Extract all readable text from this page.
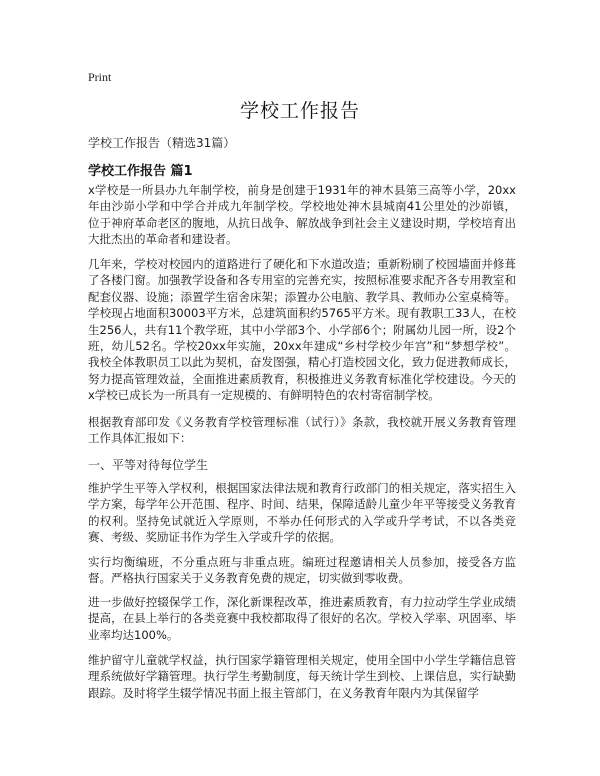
Print
学校工作报告

学校工作报告（精选31篇）

学校工作报告 篇1

x学校是一所县办九年制学校，前身是创建于1931年的神木县第三高等小学，20xx年由沙峁小学和中学合并成九年制学校。学校地处神木县城南41公里处的沙峁镇，位于神府革命老区的腹地，从抗日战争、解放战争到社会主义建设时期，学校培育出大批杰出的革命者和建设者。

几年来，学校对校园内的道路进行了硬化和下水道改造；重新粉刷了校园墙面并修葺了各楼门窗。加强教学设备和各专用室的完善充实，按照标准要求配齐各专用教室和配套仪器、设施；添置学生宿舍床架；添置办公电脑、教学具、教师办公室桌椅等。学校现占地面积30003平方米，总建筑面积约5765平方米。现有教职工33人，在校生256人，共有11个教学班，其中小学部3个、小学部6个；附属幼儿园一所，设2个班，幼儿52名。学校20xx年实施，20xx年建成“乡村学校少年宫”和“梦想学校”。我校全体教职员工以此为契机，奋发图强，精心打造校园文化，致力促进教师成长，努力提高管理效益，全面推进素质教育，积极推进义务教育标准化学校建设。今天的x学校已成长为一所具有一定规模的、有鲜明特色的农村寄宿制学校。

根据教育部印发《义务教育学校管理标准（试行）》条款，我校就开展义务教育管理工作具体汇报如下：

一、平等对待每位学生

维护学生平等入学权利，根据国家法律法规和教育行政部门的相关规定，落实招生入学方案，每学年公开范围、程序、时间、结果，保障适龄儿童少年平等接受义务教育的权利。坚持免试就近入学原则，不举办任何形式的入学或升学考试，不以各类竞赛、考级、奖励证书作为学生入学或升学的依据。

实行均衡编班，不分重点班与非重点班。编班过程邀请相关人员参加，接受各方监督。严格执行国家关于义务教育免费的规定，切实做到零收费。

进一步做好控辍保学工作，深化新课程改革，推进素质教育，有力拉动学生学业成绩提高，在县上举行的各类竞赛中我校都取得了很好的名次。学校入学率、巩固率、毕业率均达100%。

维护留守儿童就学权益，执行国家学籍管理相关规定，使用全国中小学生学籍信息管理系统做好学籍管理。执行学生考勤制度，每天统计学生到校、上课信息，实行缺勤跟踪。及时将学生辍学情况书面上报主管部门，在义务教育年限内为其保留学
